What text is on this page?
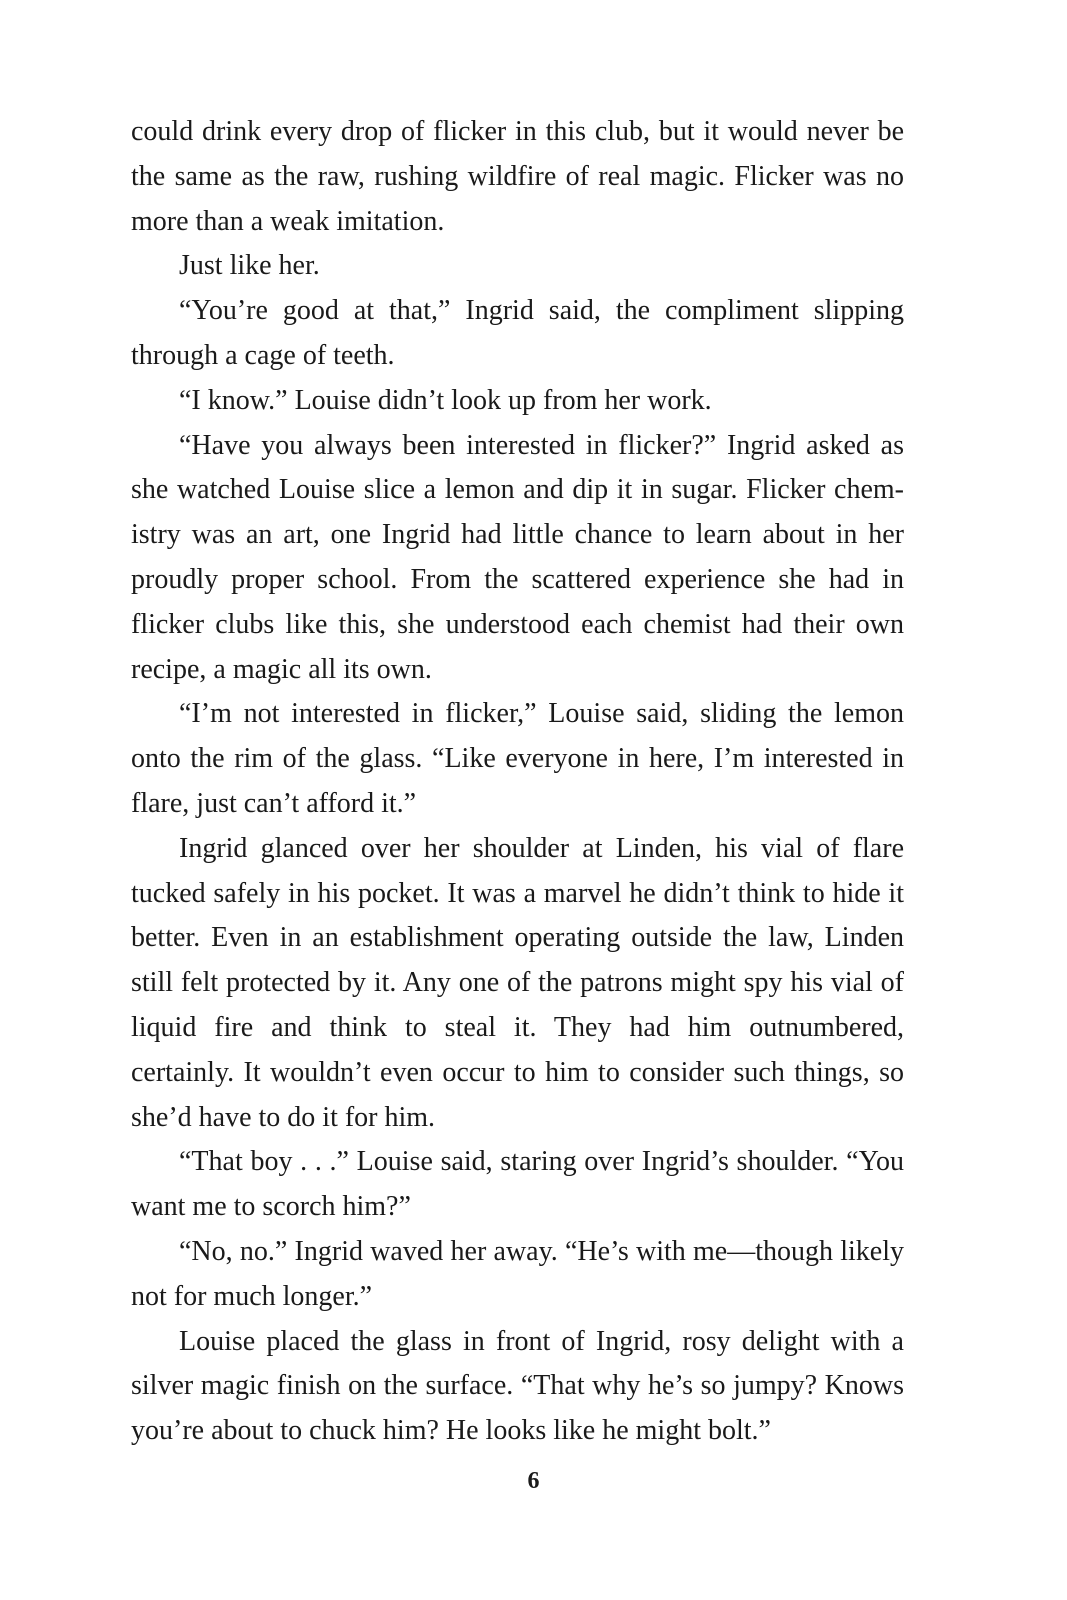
could drink every drop of flicker in this club, but it would never be the same as the raw, rushing wildfire of real magic. Flicker was no more than a weak imitation.

Just like her.

“You’re good at that,” Ingrid said, the compliment slipping through a cage of teeth.

“I know.” Louise didn’t look up from her work.

“Have you always been interested in flicker?” Ingrid asked as she watched Louise slice a lemon and dip it in sugar. Flicker chemistry was an art, one Ingrid had little chance to learn about in her proudly proper school. From the scattered experience she had in flicker clubs like this, she understood each chemist had their own recipe, a magic all its own.

“I’m not interested in flicker,” Louise said, sliding the lemon onto the rim of the glass. “Like everyone in here, I’m interested in flare, just can’t afford it.”

Ingrid glanced over her shoulder at Linden, his vial of flare tucked safely in his pocket. It was a marvel he didn’t think to hide it better. Even in an establishment operating outside the law, Linden still felt protected by it. Any one of the patrons might spy his vial of liquid fire and think to steal it. They had him outnumbered, certainly. It wouldn’t even occur to him to consider such things, so she’d have to do it for him.

“That boy . . .” Louise said, staring over Ingrid’s shoulder. “You want me to scorch him?”

“No, no.” Ingrid waved her away. “He’s with me—though likely not for much longer.”

Louise placed the glass in front of Ingrid, rosy delight with a silver magic finish on the surface. “That why he’s so jumpy? Knows you’re about to chuck him? He looks like he might bolt.”

6
